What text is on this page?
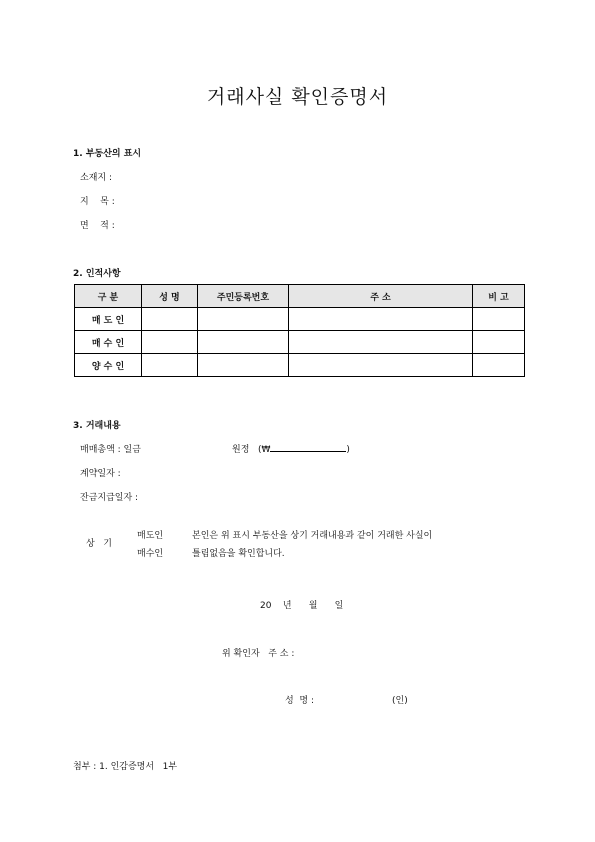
거래사실 확인증명서
1. 부동산의 표시
소재지 :
지    목 :
면    적 :
2. 인적사항
구 분	성 명	주민등록번호	주 소	비 고
매 도 인				
매 수 인				
양 수 인				
3. 거래내용
매매총액 : 일금	원정 (₩	)
계약일자 :
잔금지급일자 :
상   기
매도인
매수인
본인은 위 표시 부동산을 상기 거래내용과 같이 거래한 사실이
틀림없음을 확인합니다.
20    년      월      일
위 확인자   주 소 :
성  명 :	(인)
첨부 : 1. 인감증명서   1부
